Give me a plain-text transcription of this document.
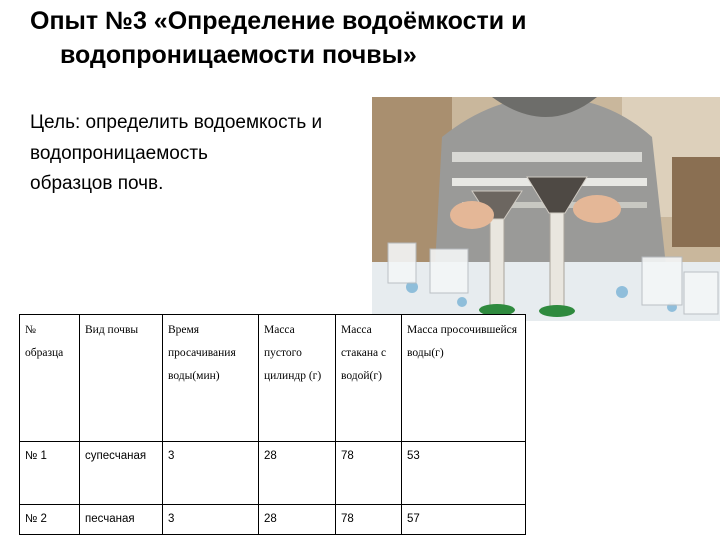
Опыт №3 «Определение водоёмкости и
водопроницаемости почвы»
Цель: определить водоемкость и
водопроницаемость
образцов почв.
№ образца	Вид почвы	Время просачивания воды(мин)	Масса пустого цилиндр (г)	Масса стакана с водой(г)	Масса просочившейся воды(г)
№ 1	супесчаная	3	28	78	53
№ 2	песчаная	3	28	78	57
